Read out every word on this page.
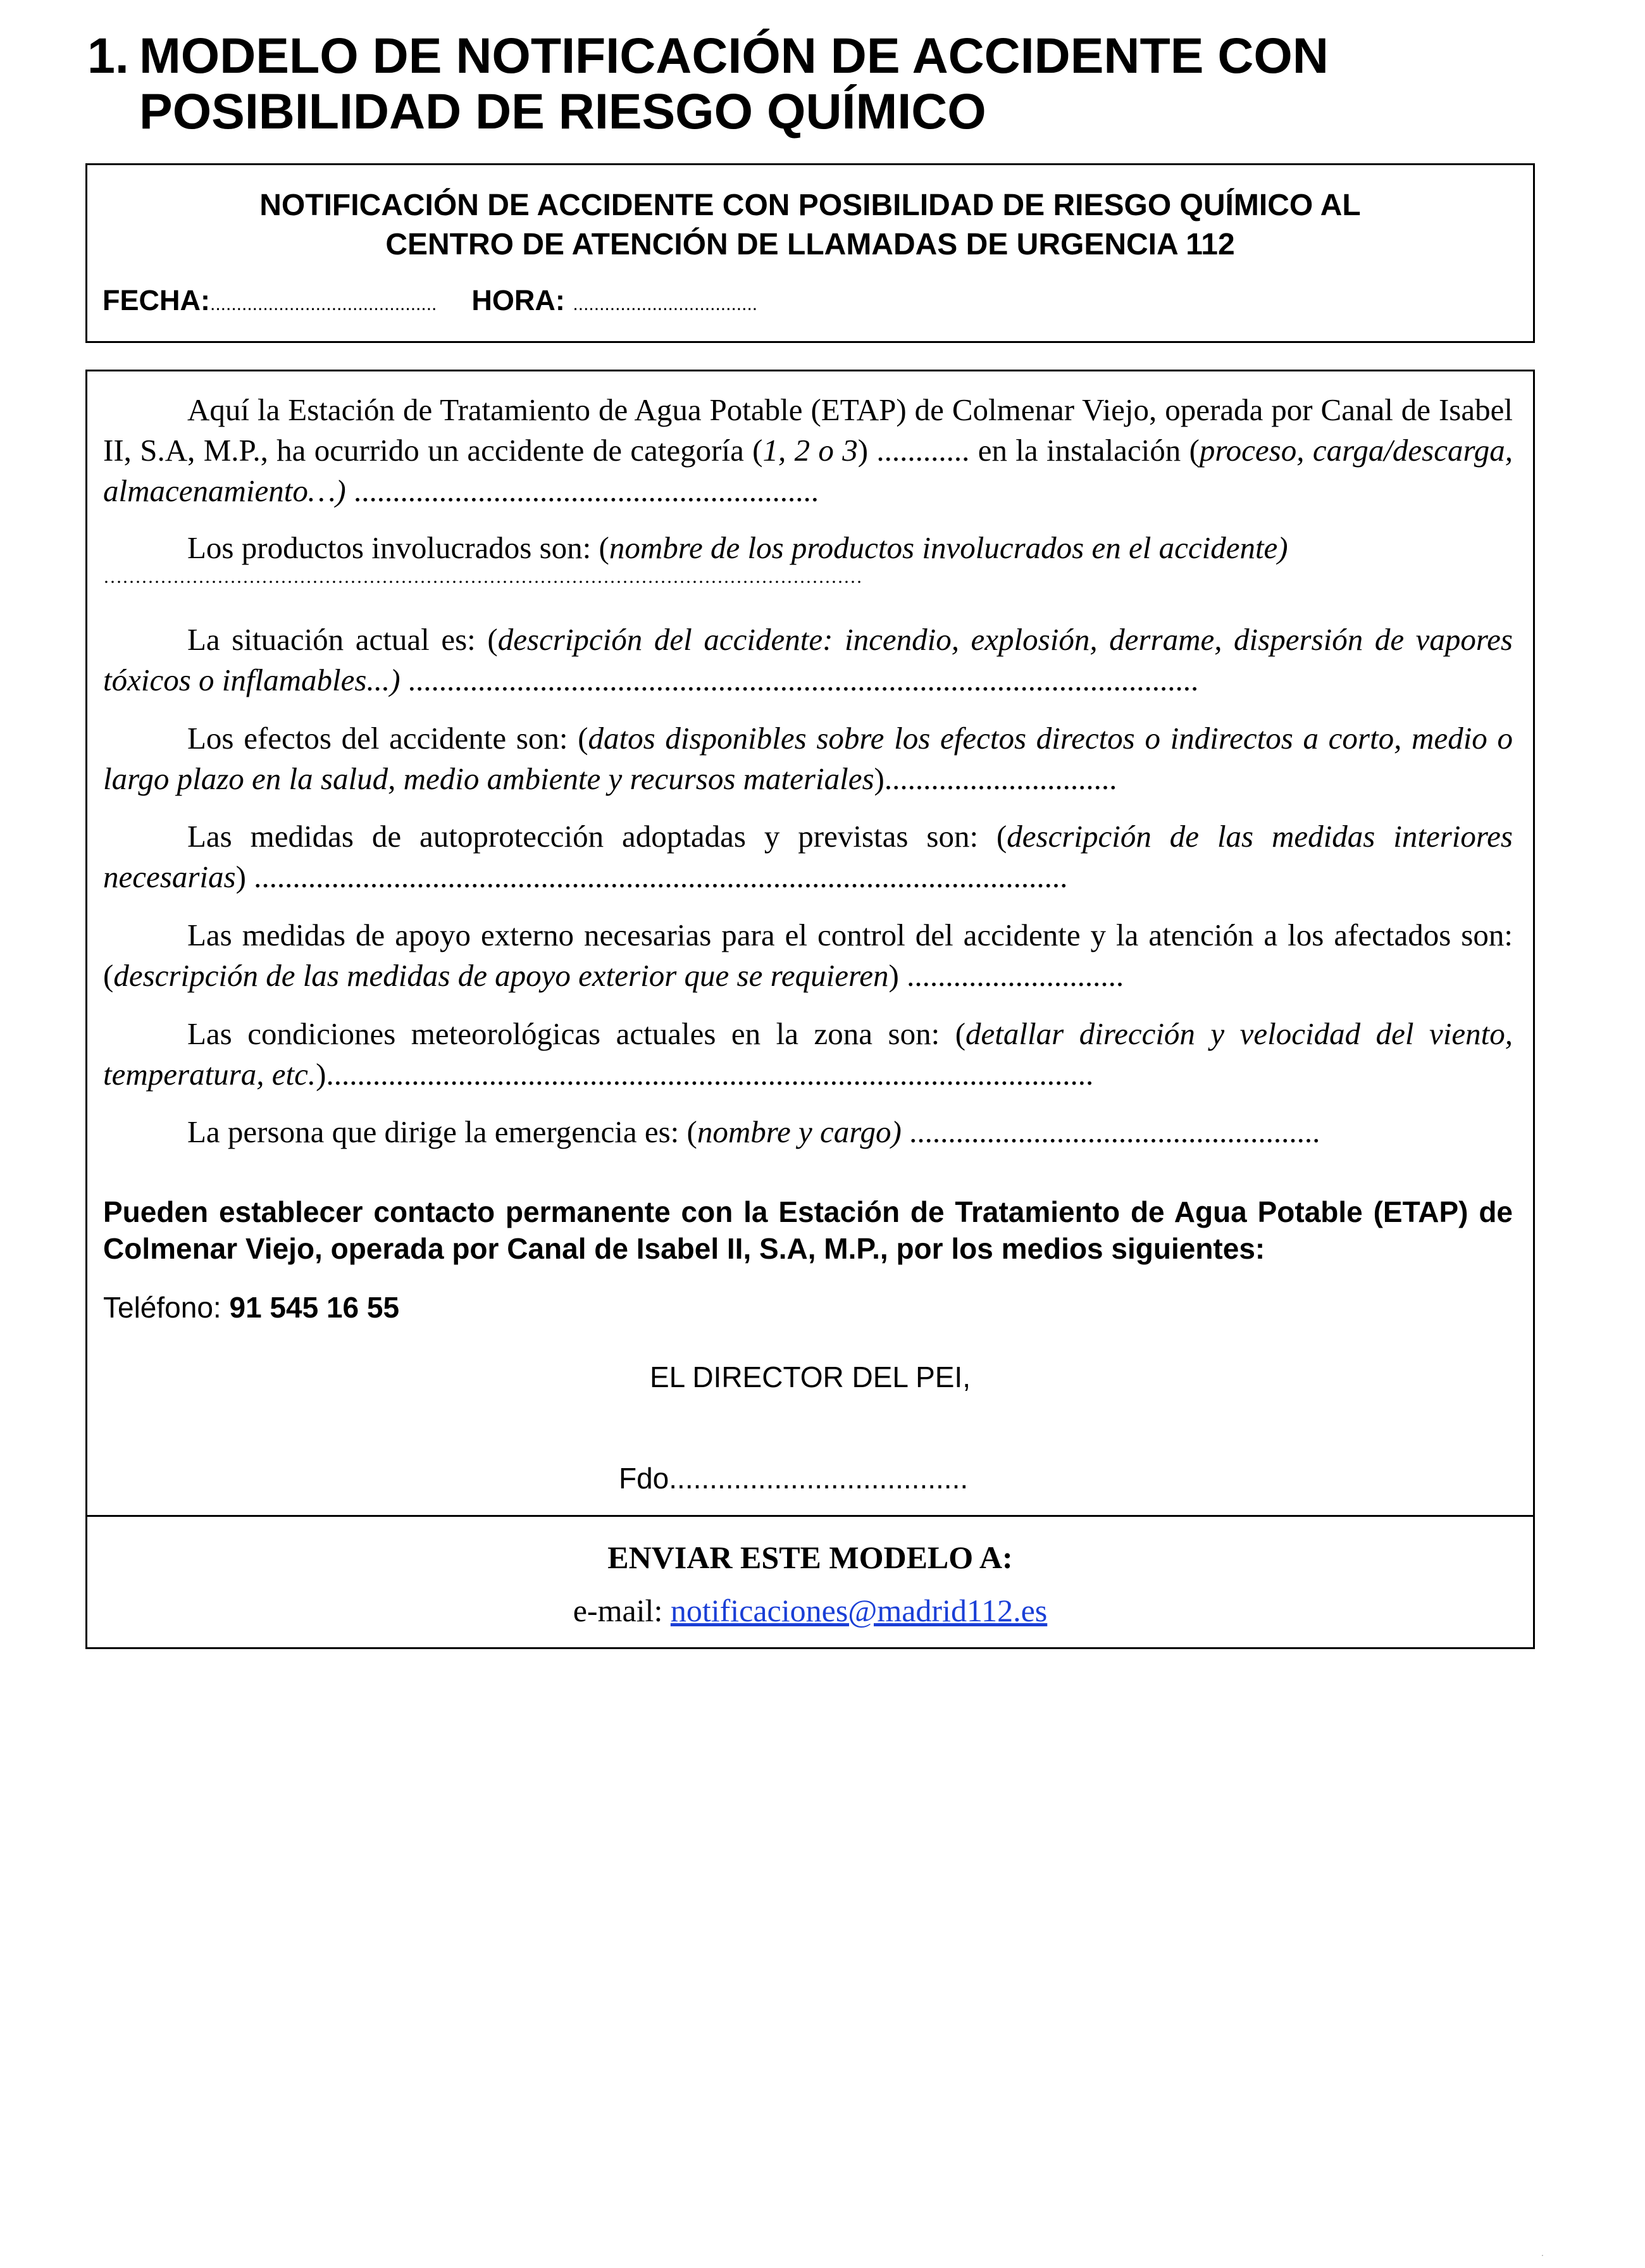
1. MODELO DE NOTIFICACIÓN DE ACCIDENTE CON POSIBILIDAD DE RIESGO QUÍMICO
NOTIFICACIÓN DE ACCIDENTE CON POSIBILIDAD DE RIESGO QUÍMICO AL
CENTRO DE ATENCIÓN DE LLAMADAS DE URGENCIA 112
FECHA:........................................... HORA: ...................................
Aquí la Estación de Tratamiento de Agua Potable (ETAP) de Colmenar Viejo, operada por Canal de Isabel II, S.A, M.P., ha ocurrido un accidente de categoría (1, 2 o 3) ............ en la instalación (proceso, carga/descarga, almacenamiento…) ............................................................
Los productos involucrados son: (nombre de los productos involucrados en el accidente)
…………………………………………………………………………………………………………
La situación actual es: (descripción del accidente: incendio, explosión, derrame, dispersión de vapores tóxicos o inflamables...) ......................................................................................................
Los efectos del accidente son: (datos disponibles sobre los efectos directos o indirectos a corto, medio o largo plazo en la salud, medio ambiente y recursos materiales)..............................
Las medidas de autoprotección adoptadas y previstas son: (descripción de las medidas interiores necesarias) .........................................................................................................
Las medidas de apoyo externo necesarias para el control del accidente y la atención a los afectados son: (descripción de las medidas de apoyo exterior que se requieren) ............................
Las condiciones meteorológicas actuales en la zona son: (detallar dirección y velocidad del viento, temperatura, etc.)...................................................................................................
La persona que dirige la emergencia es: (nombre y cargo) .....................................................
Pueden establecer contacto permanente con la Estación de Tratamiento de Agua Potable (ETAP) de Colmenar Viejo, operada por Canal de Isabel II, S.A, M.P., por los medios siguientes:
Teléfono: 91 545 16 55
EL DIRECTOR DEL PEI,
Fdo.....................................
ENVIAR ESTE MODELO A:
e-mail: notificaciones@madrid112.es
.
